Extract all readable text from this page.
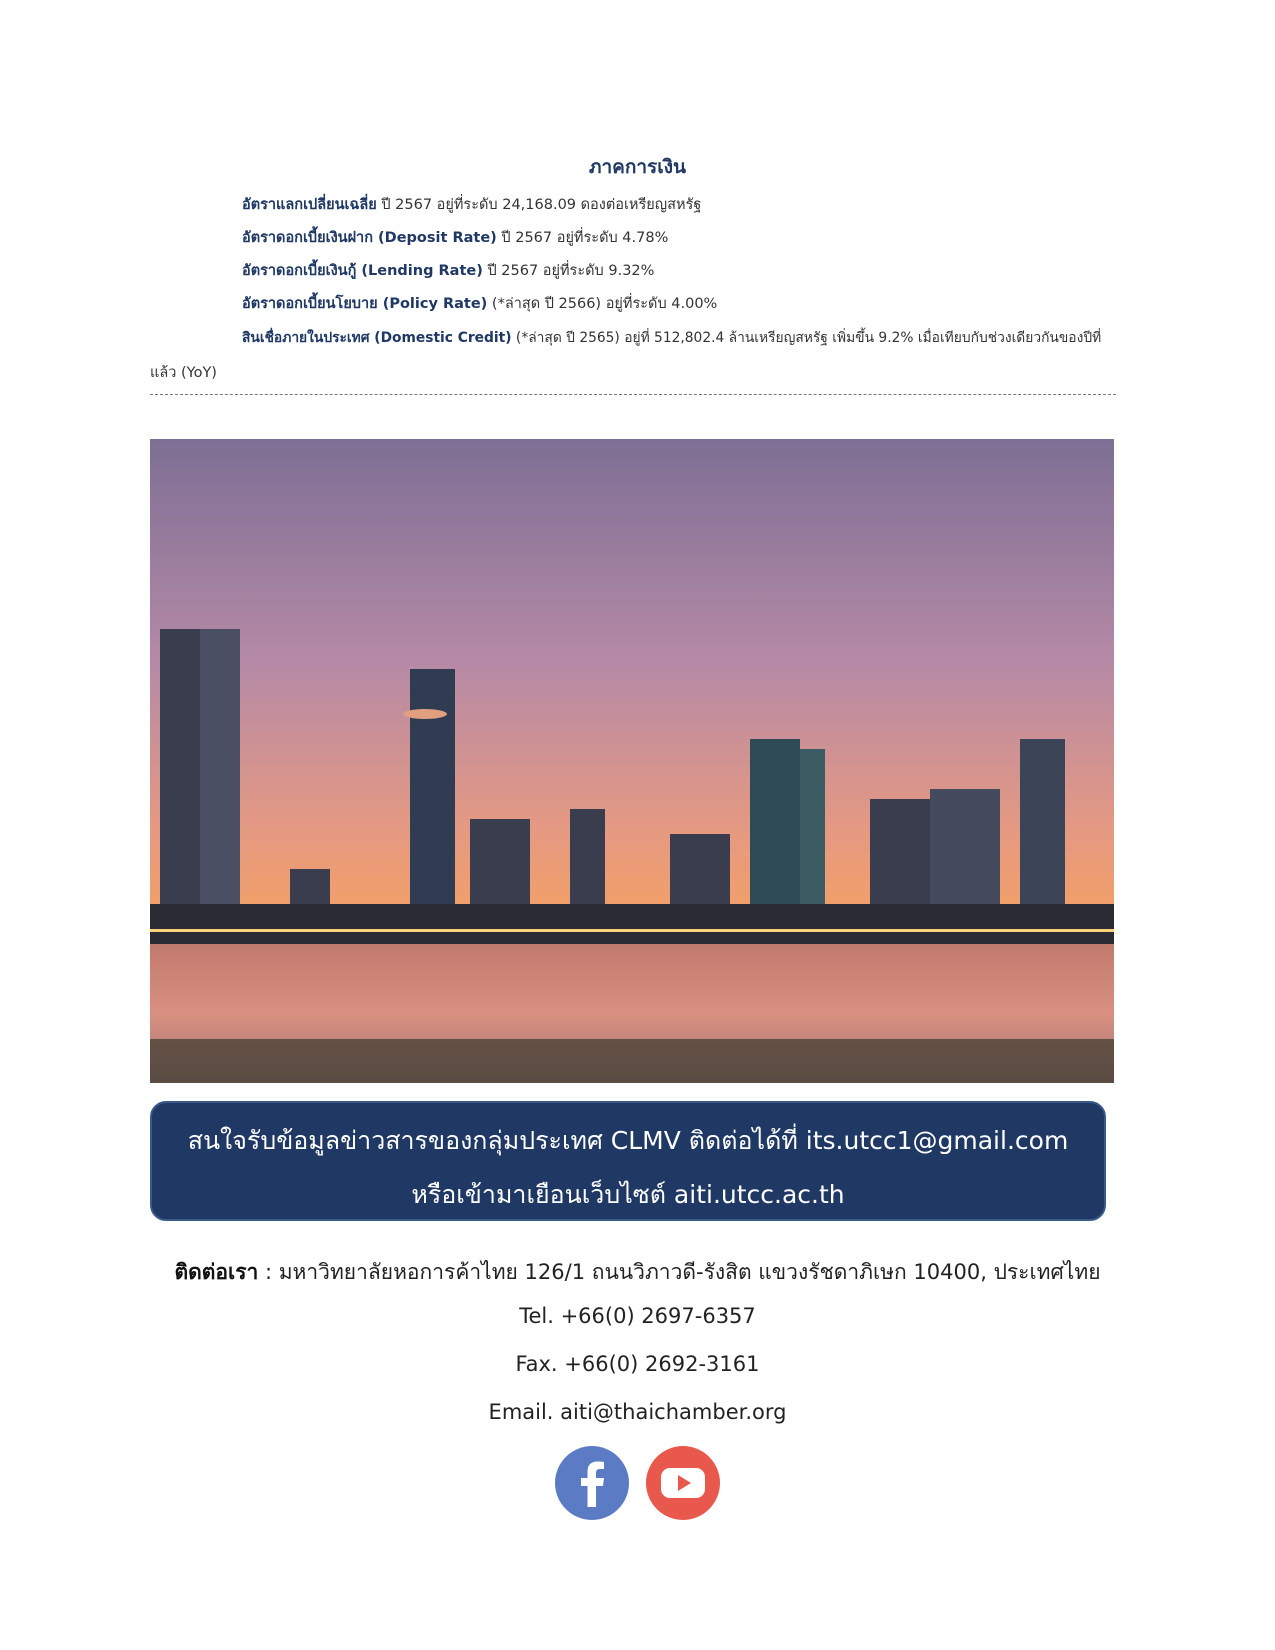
ภาคการเงิน
อัตราแลกเปลี่ยนเฉลี่ย ปี 2567 อยู่ที่ระดับ 24,168.09 ดองต่อเหรียญสหรัฐ
อัตราดอกเบี้ยเงินฝาก (Deposit Rate) ปี 2567 อยู่ที่ระดับ 4.78%
อัตราดอกเบี้ยเงินกู้ (Lending Rate) ปี 2567 อยู่ที่ระดับ 9.32%
อัตราดอกเบี้ยนโยบาย (Policy Rate) (*ล่าสุด ปี 2566) อยู่ที่ระดับ 4.00%
สินเชื่อภายในประเทศ (Domestic Credit) (*ล่าสุด ปี 2565) อยู่ที่ 512,802.4 ล้านเหรียญสหรัฐ เพิ่มขึ้น 9.2% เมื่อเทียบกับช่วงเดียวกันของปีที่
แล้ว (YoY)
สนใจรับข้อมูลข่าวสารของกลุ่มประเทศ CLMV ติดต่อได้ที่ its.utcc1@gmail.com
หรือเข้ามาเยือนเว็บไซต์ aiti.utcc.ac.th
ติดต่อเรา : มหาวิทยาลัยหอการค้าไทย 126/1 ถนนวิภาวดี-รังสิต แขวงรัชดาภิเษก 10400, ประเทศไทย
Tel. +66(0) 2697-6357
Fax. +66(0) 2692-3161
Email. aiti@thaichamber.org
